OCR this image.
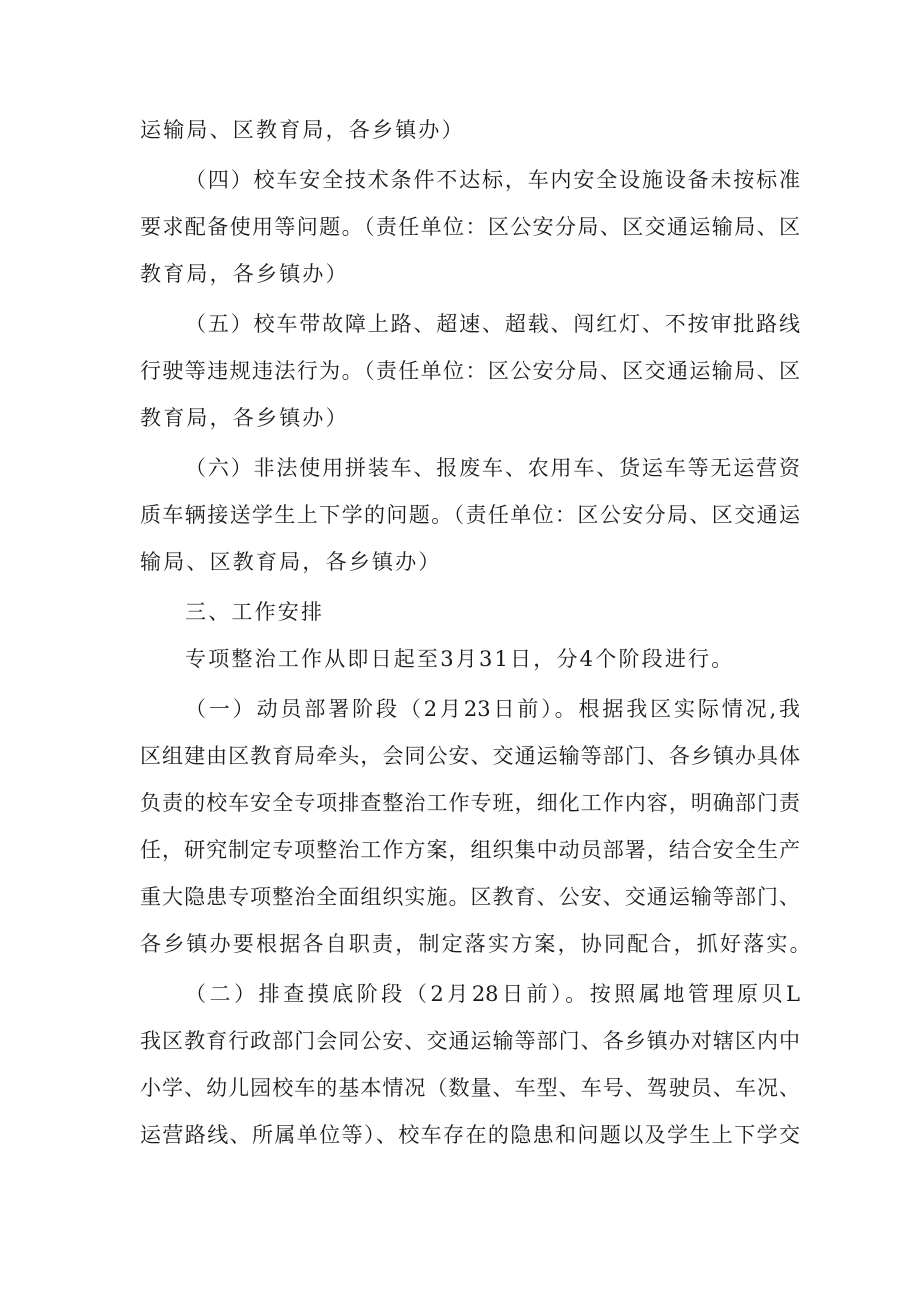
运输局、区教育局，各乡镇办）
（四）校车安全技术条件不达标，车内安全设施设备未按标准
要求配备使用等问题。（责任单位：区公安分局、区交通运输局、区
教育局，各乡镇办）
（五）校车带故障上路、超速、超载、闯红灯、不按审批路线
行驶等违规违法行为。（责任单位：区公安分局、区交通运输局、区
教育局，各乡镇办）
（六）非法使用拼装车、报废车、农用车、货运车等无运营资
质车辆接送学生上下学的问题。（责任单位：区公安分局、区交通运
输局、区教育局，各乡镇办）
三、工作安排
专项整治工作从即日起至3月31日，分4个阶段进行。
（一）动员部署阶段（2月23日前）。根据我区实际情况,我
区组建由区教育局牵头，会同公安、交通运输等部门、各乡镇办具体
负责的校车安全专项排查整治工作专班，细化工作内容，明确部门责
任，研究制定专项整治工作方案，组织集中动员部署，结合安全生产
重大隐患专项整治全面组织实施。区教育、公安、交通运输等部门、
各乡镇办要根据各自职责，制定落实方案，协同配合，抓好落实。
（二）排查摸底阶段（2月28日前）。按照属地管理原贝L
我区教育行政部门会同公安、交通运输等部门、各乡镇办对辖区内中
小学、幼儿园校车的基本情况（数量、车型、车号、驾驶员、车况、
运营路线、所属单位等）、校车存在的隐患和问题以及学生上下学交
